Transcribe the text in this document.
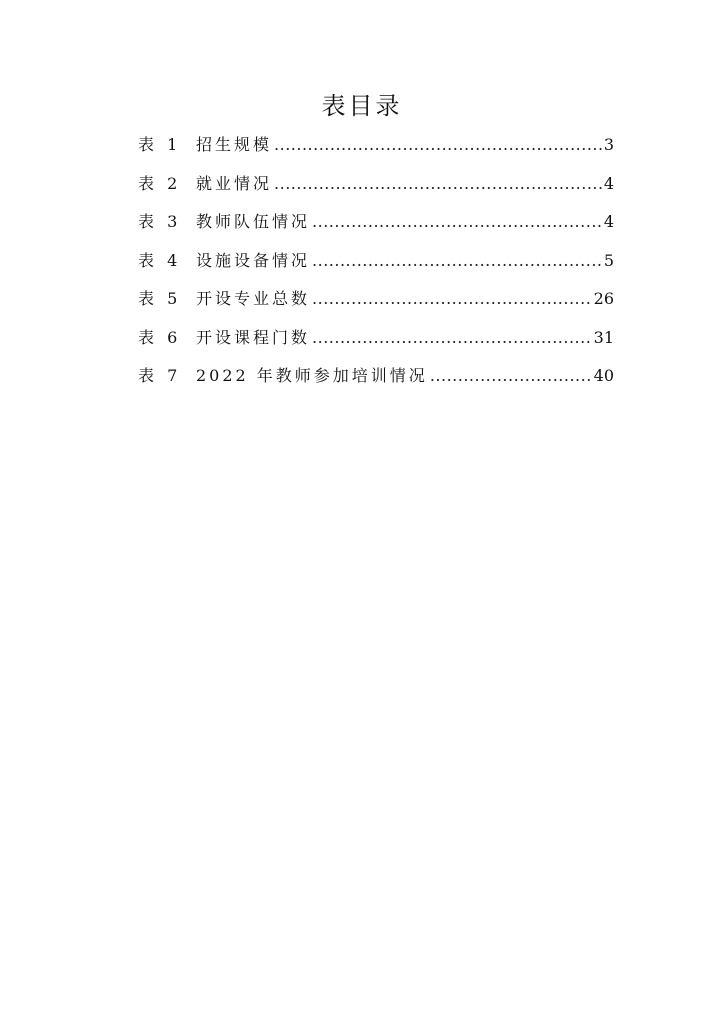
表目录
表 1 招生规模 .....	3
表 2 就业情况 .....	4
表 3 教师队伍情况 .....	4
表 4 设施设备情况 .....	5
表 5 开设专业总数 .....	26
表 6 开设课程门数 .....	31
表 7 2022 年教师参加培训情况 .....	40
